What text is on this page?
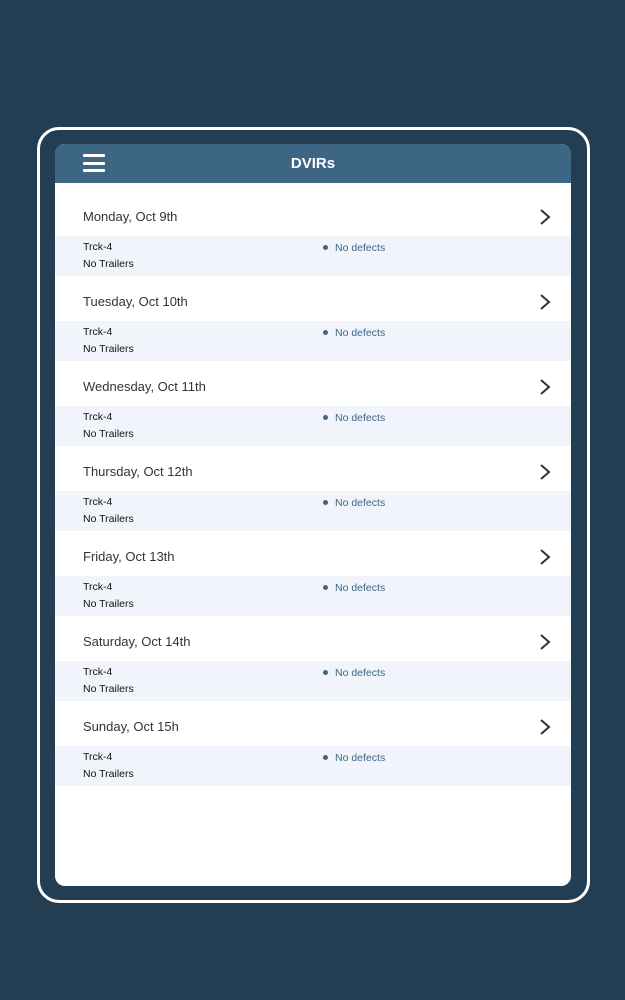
DVIRs
Monday, Oct 9th
Trck-4
No Trailers
No defects
Tuesday, Oct 10th
Trck-4
No Trailers
No defects
Wednesday, Oct 11th
Trck-4
No Trailers
No defects
Thursday, Oct 12th
Trck-4
No Trailers
No defects
Friday, Oct 13th
Trck-4
No Trailers
No defects
Saturday, Oct 14th
Trck-4
No Trailers
No defects
Sunday, Oct 15h
Trck-4
No Trailers
No defects
